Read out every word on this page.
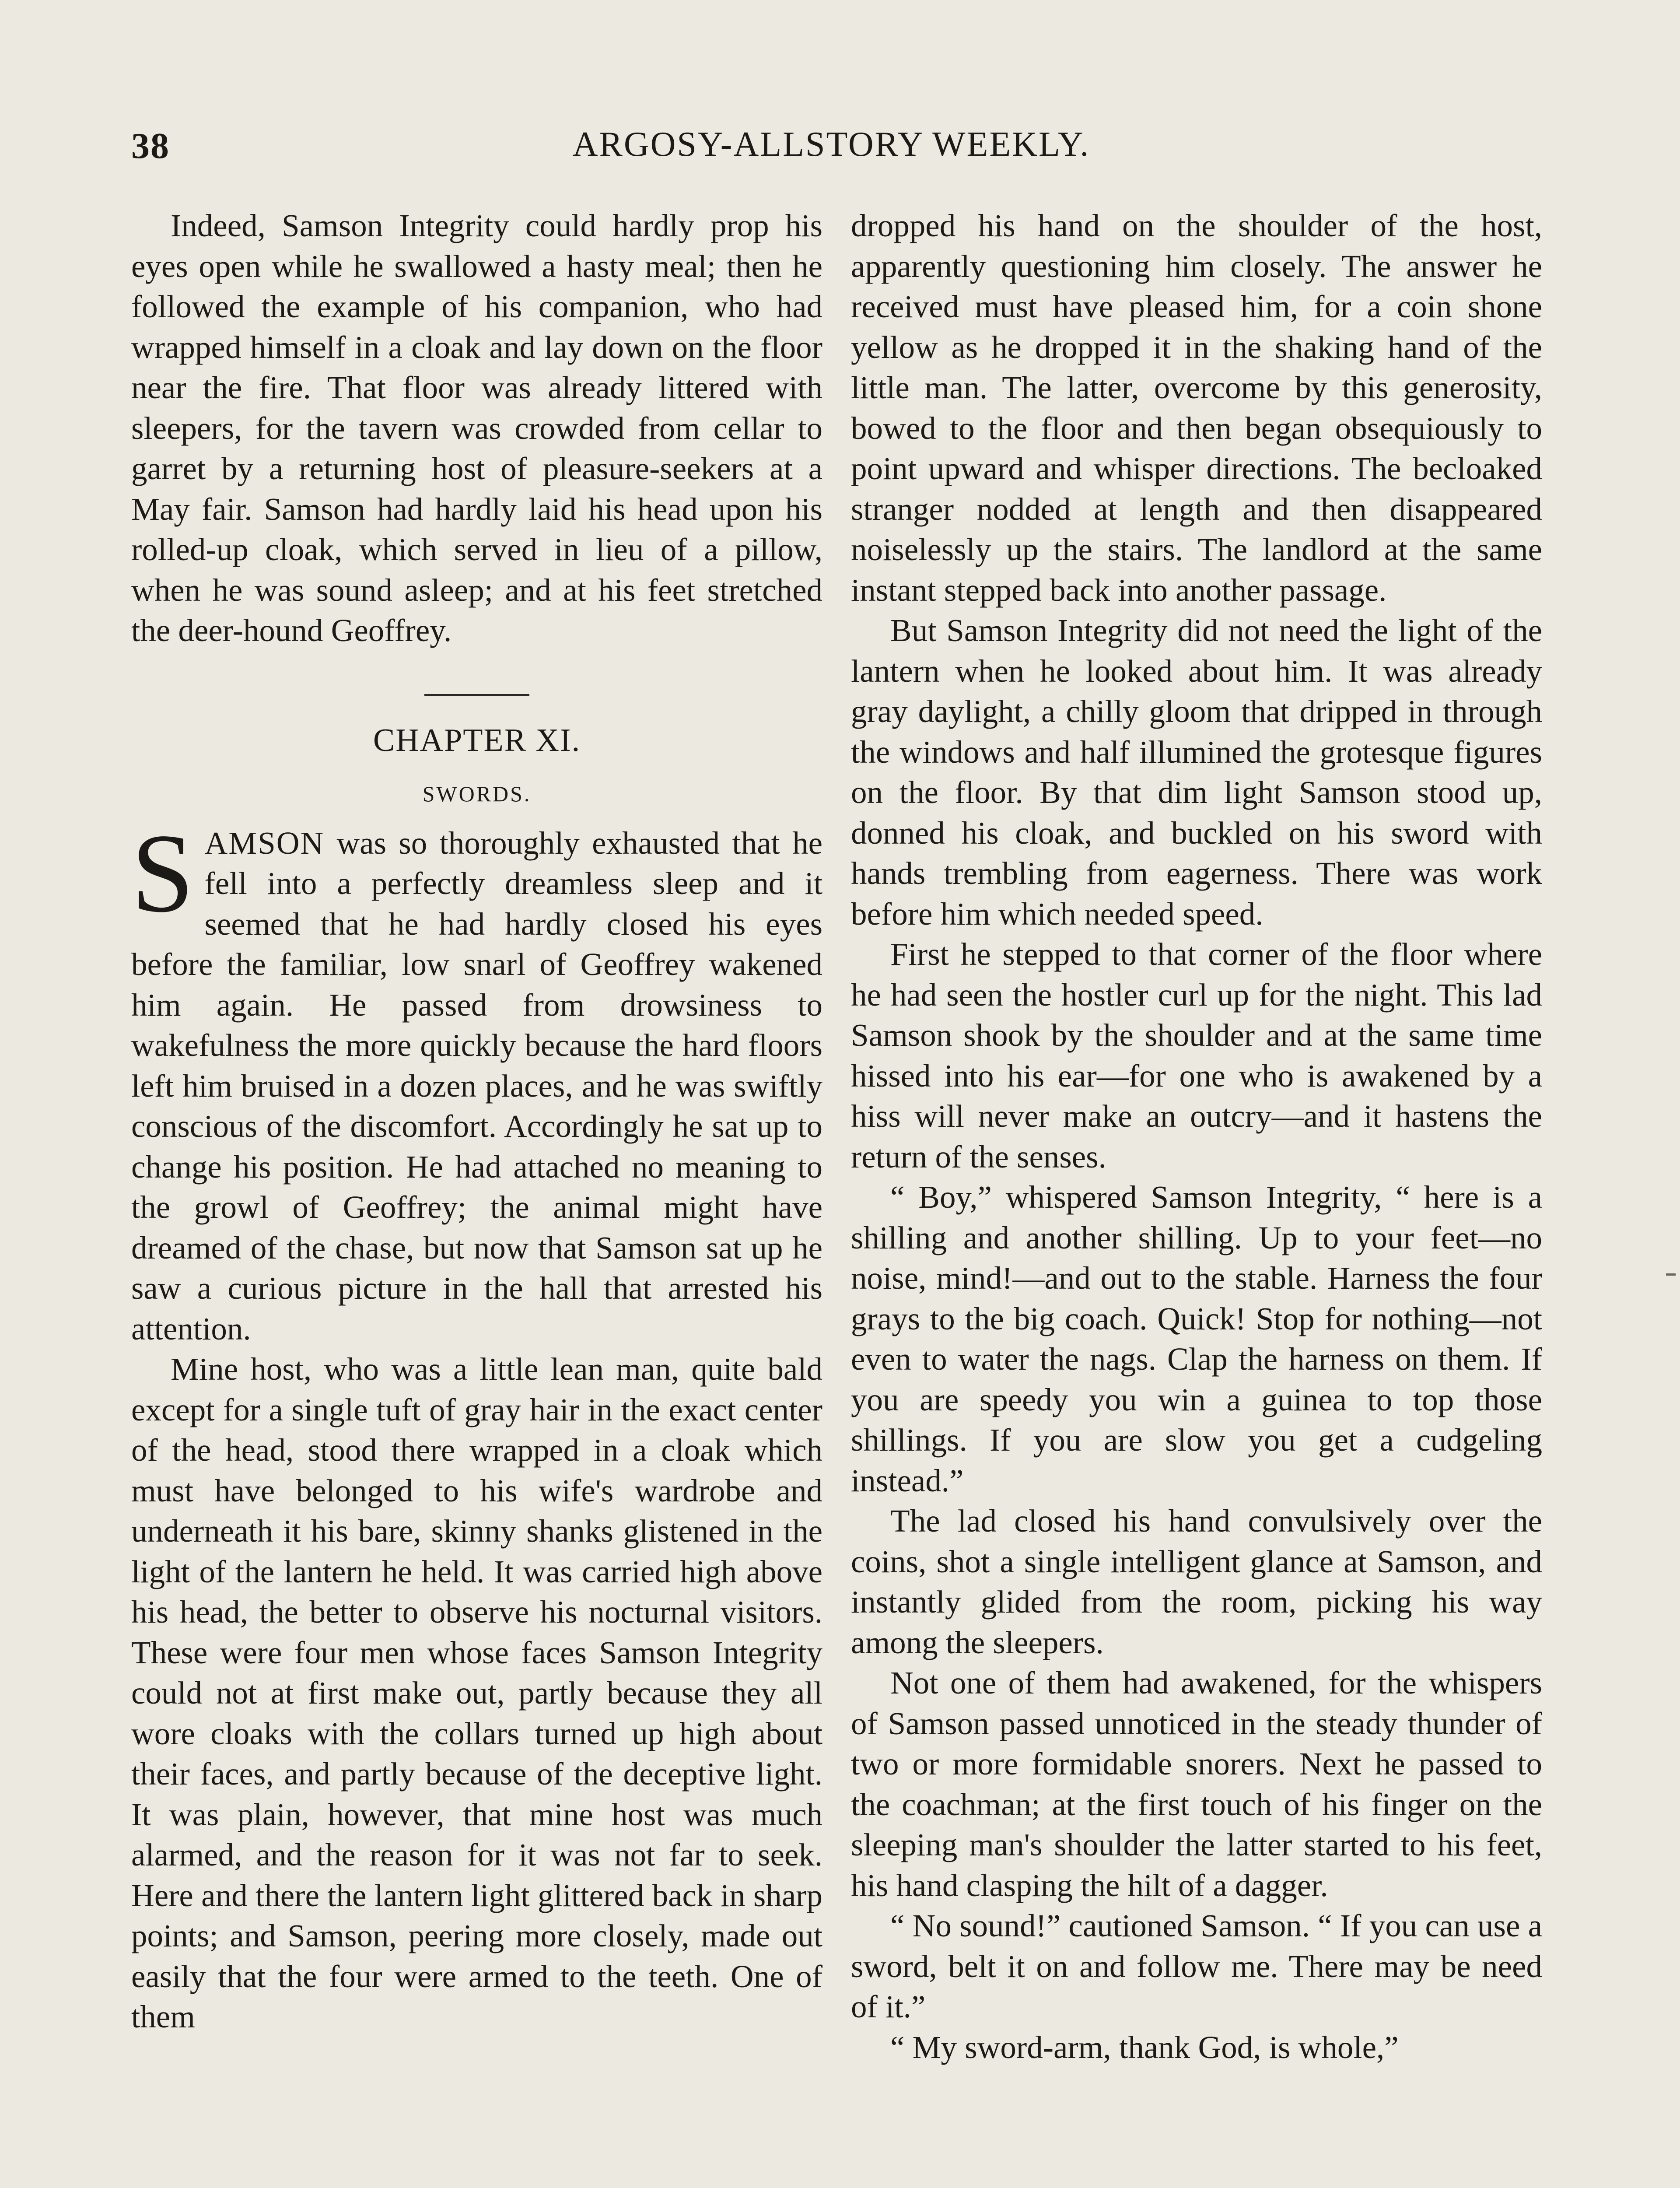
38	ARGOSY-ALLSTORY WEEKLY.

Indeed, Samson Integrity could hardly prop his eyes open while he swallowed a hasty meal; then he followed the example of his companion, who had wrapped himself in a cloak and lay down on the floor near the fire. That floor was already littered with sleepers, for the tavern was crowded from cellar to garret by a returning host of pleasure-seekers at a May fair. Samson had hardly laid his head upon his rolled-up cloak, which served in lieu of a pillow, when he was sound asleep; and at his feet stretched the deer-hound Geoffrey.

CHAPTER XI.
SWORDS.

SAMSON was so thoroughly exhausted that he fell into a perfectly dreamless sleep and it seemed that he had hardly closed his eyes before the familiar, low snarl of Geoffrey wakened him again. He passed from drowsiness to wakefulness the more quickly because the hard floors left him bruised in a dozen places, and he was swiftly conscious of the discomfort. Accordingly he sat up to change his position. He had attached no meaning to the growl of Geoffrey; the animal might have dreamed of the chase, but now that Samson sat up he saw a curious picture in the hall that arrested his attention.

Mine host, who was a little lean man, quite bald except for a single tuft of gray hair in the exact center of the head, stood there wrapped in a cloak which must have belonged to his wife's wardrobe and underneath it his bare, skinny shanks glistened in the light of the lantern he held. It was carried high above his head, the better to observe his nocturnal visitors. These were four men whose faces Samson Integrity could not at first make out, partly because they all wore cloaks with the collars turned up high about their faces, and partly because of the deceptive light. It was plain, however, that mine host was much alarmed, and the reason for it was not far to seek. Here and there the lantern light glittered back in sharp points; and Samson, peering more closely, made out easily that the four were armed to the teeth. One of them

dropped his hand on the shoulder of the host, apparently questioning him closely. The answer he received must have pleased him, for a coin shone yellow as he dropped it in the shaking hand of the little man. The latter, overcome by this generosity, bowed to the floor and then began obsequiously to point upward and whisper directions. The becloaked stranger nodded at length and then disappeared noiselessly up the stairs. The landlord at the same instant stepped back into another passage.

But Samson Integrity did not need the light of the lantern when he looked about him. It was already gray daylight, a chilly gloom that dripped in through the windows and half illumined the grotesque figures on the floor. By that dim light Samson stood up, donned his cloak, and buckled on his sword with hands trembling from eagerness. There was work before him which needed speed.

First he stepped to that corner of the floor where he had seen the hostler curl up for the night. This lad Samson shook by the shoulder and at the same time hissed into his ear—for one who is awakened by a hiss will never make an outcry—and it hastens the return of the senses.

“ Boy,” whispered Samson Integrity, “ here is a shilling and another shilling. Up to your feet—no noise, mind!—and out to the stable. Harness the four grays to the big coach. Quick! Stop for nothing—not even to water the nags. Clap the harness on them. If you are speedy you win a guinea to top those shillings. If you are slow you get a cudgeling instead.”

The lad closed his hand convulsively over the coins, shot a single intelligent glance at Samson, and instantly glided from the room, picking his way among the sleepers.

Not one of them had awakened, for the whispers of Samson passed unnoticed in the steady thunder of two or more formidable snorers. Next he passed to the coachman; at the first touch of his finger on the sleeping man's shoulder the latter started to his feet, his hand clasping the hilt of a dagger.

“ No sound!” cautioned Samson. “ If you can use a sword, belt it on and follow me. There may be need of it.”

“ My sword-arm, thank God, is whole,”
